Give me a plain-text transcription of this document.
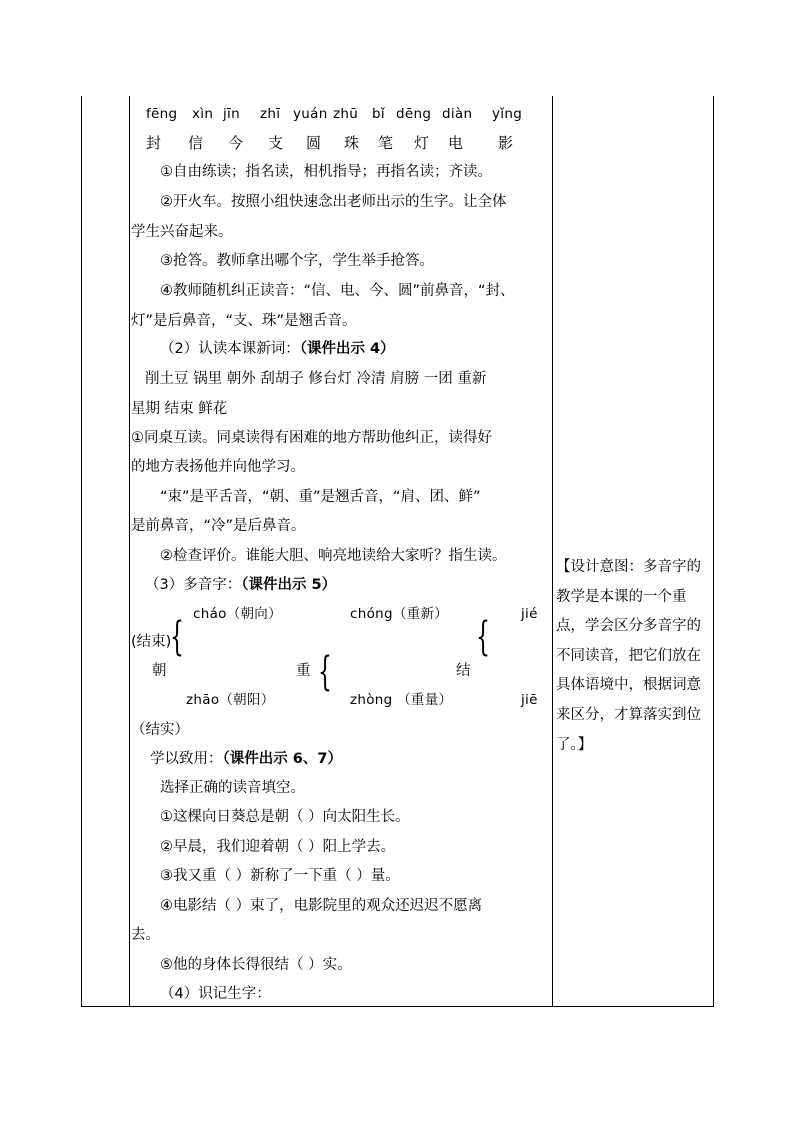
fēng xìn jīn zhī yuán zhū bǐ dēng diàn yǐng
封 信 今 支 圆 珠 笔 灯 电 影
①自由练读；指名读，相机指导；再指名读；齐读。
②开火车。按照小组快速念出老师出示的生字。让全体
学生兴奋起来。
③抢答。教师拿出哪个字，学生举手抢答。
④教师随机纠正读音：“信、电、今、圆”前鼻音，“封、
灯”是后鼻音，“支、珠”是翘舌音。
（2）认读本课新词：（课件出示 4）
削土豆 锅里 朝外 刮胡子 修台灯 冷清 肩膀 一团 重新
星期 结束 鲜花
①同桌互读。同桌读得有困难的地方帮助他纠正，读得好
的地方表扬他并向他学习。
“束”是平舌音，“朝、重”是翘舌音，“肩、团、鲜”
是前鼻音，“冷”是后鼻音。
②检查评价。谁能大胆、响亮地读给大家听？指生读。
（3）多音字：（课件出示 5）
cháo（朝向）	chóng（重新）	jié
(结束)
{	{
朝	重 {	结
zhāo（朝阳）	zhòng （重量）	jiē
（结实）
学以致用：（课件出示 6、7）
选择正确的读音填空。
①这棵向日葵总是朝（ ）向太阳生长。
②早晨，我们迎着朝（ ）阳上学去。
③我又重（ ）新称了一下重（ ）量。
④电影结（ ）束了，电影院里的观众还迟迟不愿离
去。
⑤他的身体长得很结（ ）实。
（4）识记生字：
【设计意图：多音字的教学是本课的一个重点，学会区分多音字的不同读音，把它们放在具体语境中，根据词意来区分，才算落实到位了。】
